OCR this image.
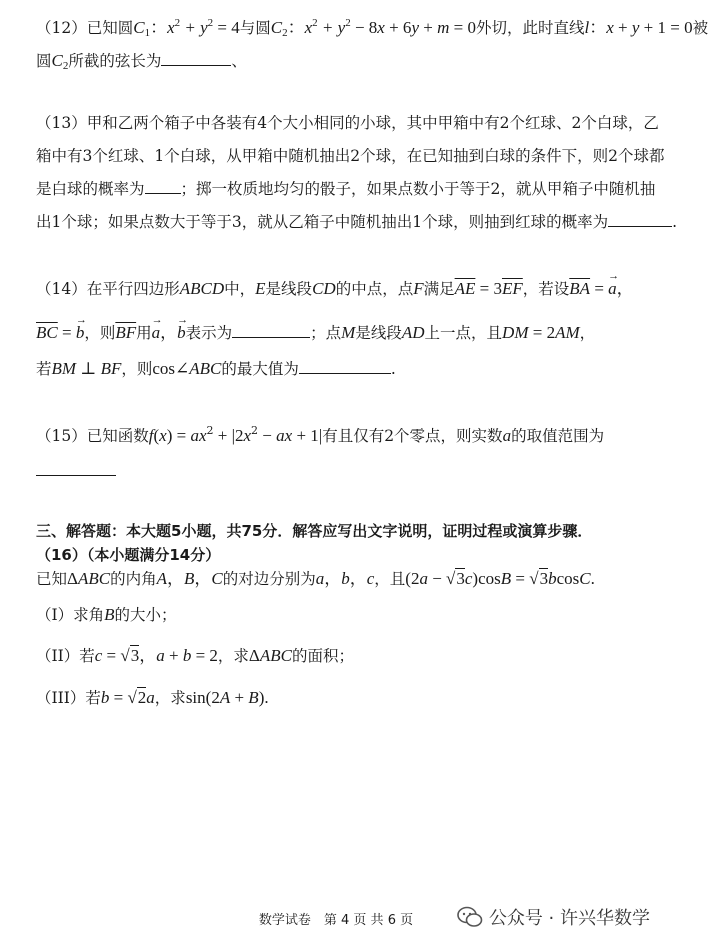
（12）已知圆$C_1$：$x^2 + y^2 = 4$与圆$C_2$：$x^2 + y^2 - 8x + 6y + m = 0$外切，此时直线l：x + y + 1 = 0被
圆$C_2$所截的弦长为	、
（13）甲和乙两个箱子中各装有4个大小相同的小球，其中甲箱中有2个红球、2个白球，乙
箱中有3个红球、1个白球，从甲箱中随机抽出2个球，在已知抽到白球的条件下，则2个球都
是白球的概率为 ；掷一枚质地均匀的骰子，如果点数小于等于2，就从甲箱子中随机抽
出1个球；如果点数大于等于3，就从乙箱子中随机抽出1个球，则抽到红球的概率为	.
（14）在平行四边形ABCD中，E是线段CD的中点，点F满足$\overline{AE} = 3\overline{EF}$，若设$\overline{BA}$ = → a，
$\overline{BC}$ = → b，则$\overline{BF}$用→ a，→ b表示为	；点M是线段AD上一点，且DM = 2AM，
若BM ⊥ BF，则cos∠ABC的最大值为	.
（15）已知函数$f(x) = ax^2 + |2x^2$ − ax + 1|有且仅有2个零点，则实数a的取值范围为
三、解答题：本大题5小题，共75分．解答应写出文字说明，证明过程或演算步骤．
（16）（本小题满分14分）
已知ΔABC的内角A，B，C的对边分别为a，b，c，且(2a − √3c)cosB = √3bcosC.
（I）求角B的大小；
（II）若c = √3，a + b = 2，求ΔABC的面积；
（III）若b = √2a，求sin(2A + B).
数学试卷　第 4 页 共 6 页	公众号 · 许兴华数学
